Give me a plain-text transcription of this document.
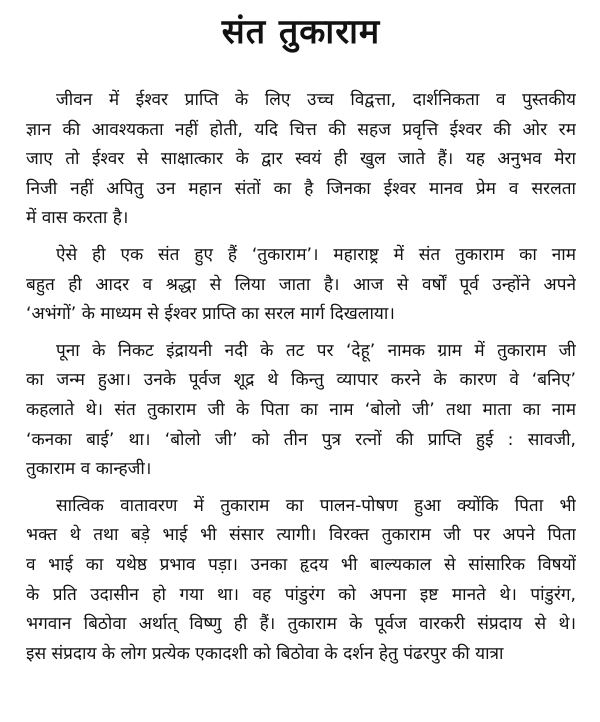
संत तुकाराम
जीवन में ईश्वर प्राप्ति के लिए उच्च विद्वत्ता, दार्शनिकता व पुस्तकीय
ज्ञान की आवश्यकता नहीं होती, यदि चित्त की सहज प्रवृत्ति ईश्वर की ओर रम
जाए तो ईश्वर से साक्षात्कार के द्वार स्वयं ही खुल जाते हैं। यह अनुभव मेरा
निजी नहीं अपितु उन महान संतों का है जिनका ईश्वर मानव प्रेम व सरलता
में वास करता है।
ऐसे ही एक संत हुए हैं ‘तुकाराम’। महाराष्ट्र में संत तुकाराम का नाम
बहुत ही आदर व श्रद्धा से लिया जाता है। आज से वर्षों पूर्व उन्होंने अपने
‘अभंगों’ के माध्यम से ईश्वर प्राप्ति का सरल मार्ग दिखलाया।
पूना के निकट इंद्रायनी नदी के तट पर ‘देहू’ नामक ग्राम में तुकाराम जी
का जन्म हुआ। उनके पूर्वज शूद्र थे किन्तु व्यापार करने के कारण वे ‘बनिए’
कहलाते थे। संत तुकाराम जी के पिता का नाम ‘बोलो जी’ तथा माता का नाम
‘कनका बाई’ था। ‘बोलो जी’ को तीन पुत्र रत्नों की प्राप्ति हुई : सावजी,
तुकाराम व कान्हजी।
सात्विक वातावरण में तुकाराम का पालन-पोषण हुआ क्योंकि पिता भी
भक्त थे तथा बड़े भाई भी संसार त्यागी। विरक्त तुकाराम जी पर अपने पिता
व भाई का यथेष्ठ प्रभाव पड़ा। उनका हृदय भी बाल्यकाल से सांसारिक विषयों
के प्रति उदासीन हो गया था। वह पांडुरंग को अपना इष्ट मानते थे। पांडुरंग,
भगवान बिठोवा अर्थात् विष्णु ही हैं। तुकाराम के पूर्वज वारकरी संप्रदाय से थे।
इस संप्रदाय के लोग प्रत्येक एकादशी को बिठोवा के दर्शन हेतु पंढरपुर की यात्रा
